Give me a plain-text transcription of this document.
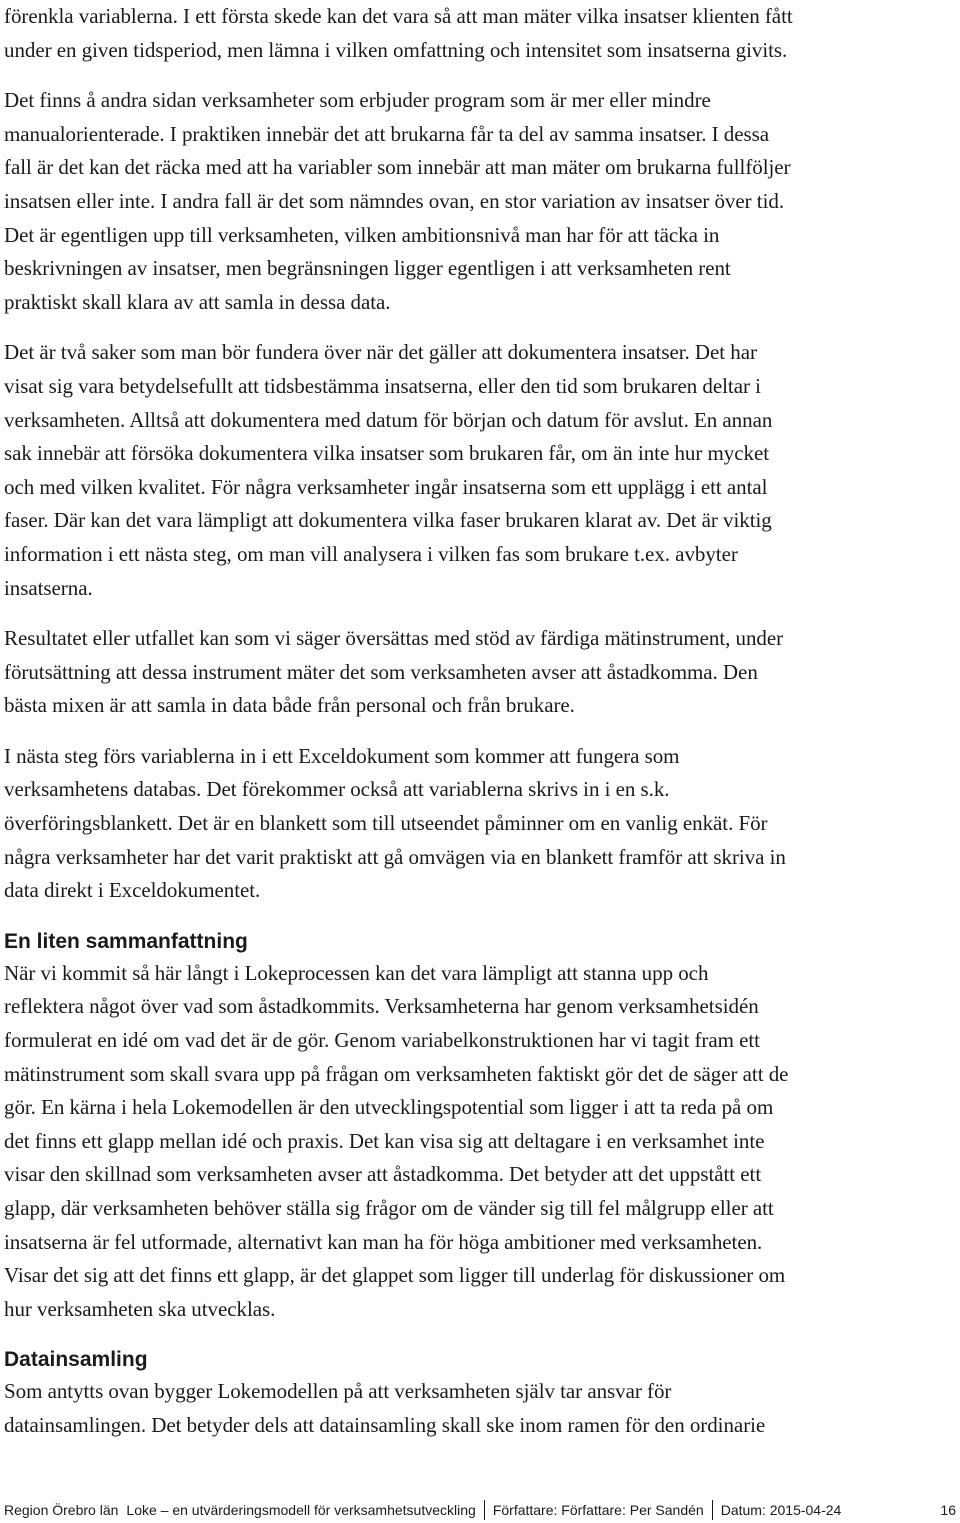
förenkla variablerna. I ett första skede kan det vara så att man mäter vilka insatser klienten fått
under en given tidsperiod, men lämna i vilken omfattning och intensitet som insatserna givits.
Det finns å andra sidan verksamheter som erbjuder program som är mer eller mindre
manualorienterade. I praktiken innebär det att brukarna får ta del av samma insatser. I dessa
fall är det kan det räcka med att ha variabler som innebär att man mäter om brukarna fullföljer
insatsen eller inte. I andra fall är det som nämndes ovan, en stor variation av insatser över tid.
Det är egentligen upp till verksamheten, vilken ambitionsnivå man har för att täcka in
beskrivningen av insatser, men begränsningen ligger egentligen i att verksamheten rent
praktiskt skall klara av att samla in dessa data.
Det är två saker som man bör fundera över när det gäller att dokumentera insatser. Det har
visat sig vara betydelsefullt att tidsbestämma insatserna, eller den tid som brukaren deltar i
verksamheten. Alltså att dokumentera med datum för början och datum för avslut. En annan
sak innebär att försöka dokumentera vilka insatser som brukaren får, om än inte hur mycket
och med vilken kvalitet. För några verksamheter ingår insatserna som ett upplägg i ett antal
faser. Där kan det vara lämpligt att dokumentera vilka faser brukaren klarat av. Det är viktig
information i ett nästa steg, om man vill analysera i vilken fas som brukare t.ex. avbyter
insatserna.
Resultatet eller utfallet kan som vi säger översättas med stöd av färdiga mätinstrument, under
förutsättning att dessa instrument mäter det som verksamheten avser att åstadkomma. Den
bästa mixen är att samla in data både från personal och från brukare.
I nästa steg förs variablerna in i ett Exceldokument som kommer att fungera som
verksamhetens databas. Det förekommer också att variablerna skrivs in i en s.k.
överföringsblankett. Det är en blankett som till utseendet påminner om en vanlig enkät. För
några verksamheter har det varit praktiskt att gå omvägen via en blankett framför att skriva in
data direkt i Exceldokumentet.
En liten sammanfattning
När vi kommit så här långt i Lokeprocessen kan det vara lämpligt att stanna upp och
reflektera något över vad som åstadkommits. Verksamheterna har genom verksamhetsidén
formulerat en idé om vad det är de gör. Genom variabelkonstruktionen har vi tagit fram ett
mätinstrument som skall svara upp på frågan om verksamheten faktiskt gör det de säger att de
gör. En kärna i hela Lokemodellen är den utvecklingspotential som ligger i att ta reda på om
det finns ett glapp mellan idé och praxis. Det kan visa sig att deltagare i en verksamhet inte
visar den skillnad som verksamheten avser att åstadkomma. Det betyder att det uppstått ett
glapp, där verksamheten behöver ställa sig frågor om de vänder sig till fel målgrupp eller att
insatserna är fel utformade, alternativt kan man ha för höga ambitioner med verksamheten.
Visar det sig att det finns ett glapp, är det glappet som ligger till underlag för diskussioner om
hur verksamheten ska utvecklas.
Datainsamling
Som antytts ovan bygger Lokemodellen på att verksamheten själv tar ansvar för
datainsamlingen. Det betyder dels att datainsamling skall ske inom ramen för den ordinarie
Region Örebro län Loke – en utvärderingsmodell för verksamhetsutveckling Författare: Författare: Per Sandén Datum: 2015-04-24	16
